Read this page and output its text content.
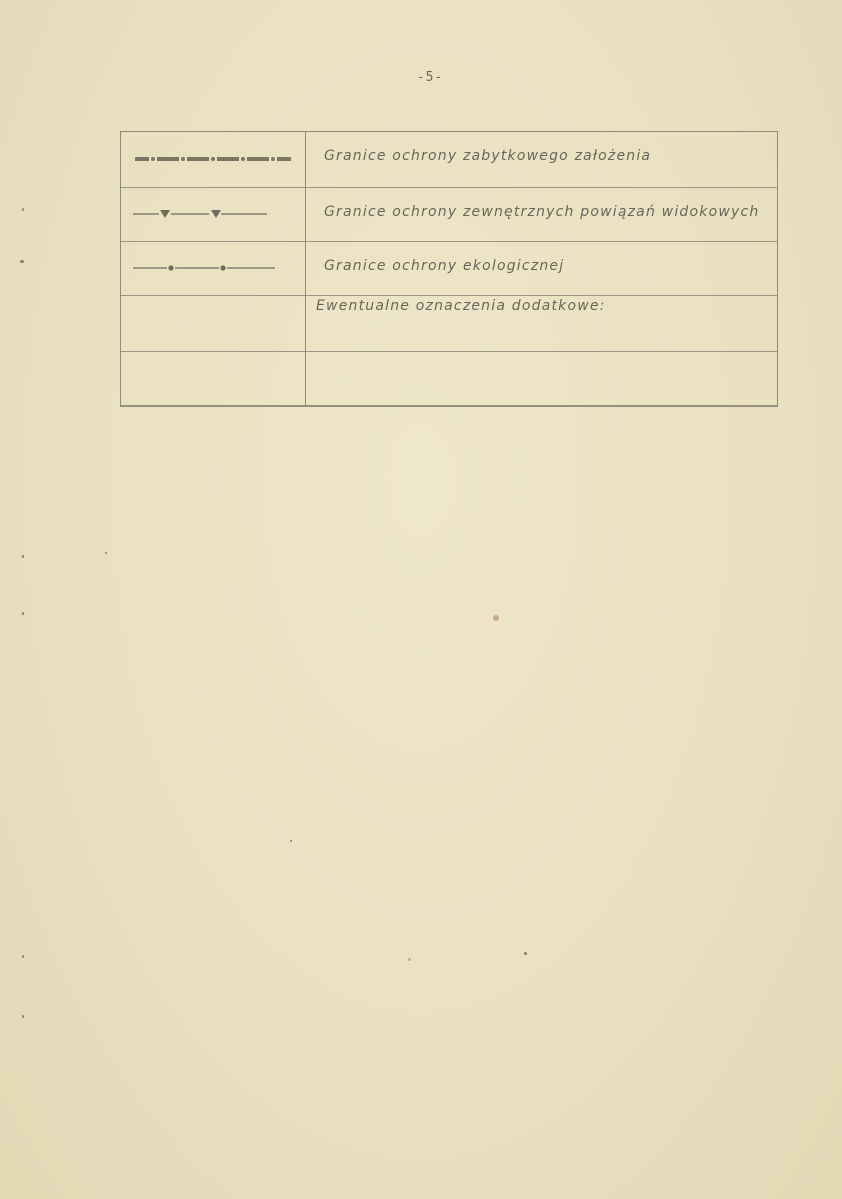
-5-
Granice ochrony zabytkowego założenia
Granice ochrony zewnętrznych powiązań widokowych
Granice ochrony ekologicznej
Ewentualne oznaczenia dodatkowe:
